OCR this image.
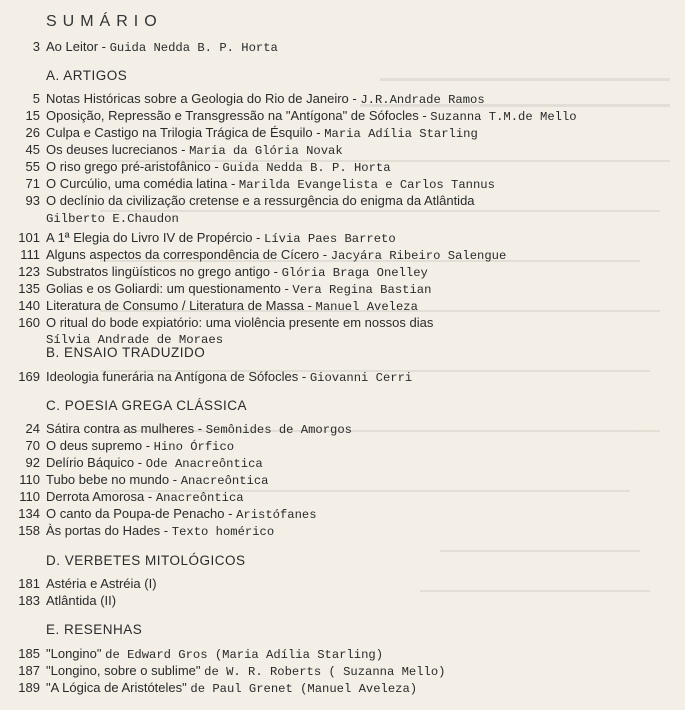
SUMÁRIO
3 Ao Leitor - Guida Nedda B. P. Horta
A. ARTIGOS
5 Notas Históricas sobre a Geologia do Rio de Janeiro - J.R.Andrade Ramos
15 Oposição, Repressão e Transgressão na "Antígona" de Sófocles - Suzanna T.M.de Mello
26 Culpa e Castigo na Trilogia Trágica de Ésquilo - Maria Adília Starling
45 Os deuses lucrecianos - Maria da Glória Novak
55 O riso grego pré-aristofânico - Guida Nedda B. P. Horta
71 O Curcúlio, uma comédia latina - Marilda Evangelista e Carlos Tannus
93 O declínio da civilização cretense e a ressurgência do enigma da Atlântida
Gilberto E.Chaudon
101 A 1ª Elegia do Livro IV de Propércio - Lívia Paes Barreto
111 Alguns aspectos da correspondência de Cícero - Jacyára Ribeiro Salengue
123 Substratos lingüísticos no grego antigo - Glória Braga Onelley
135 Golias e os Goliardi: um questionamento - Vera Regina Bastian
140 Literatura de Consumo / Literatura de Massa - Manuel Aveleza
160 O ritual do bode expiatório: uma violência presente em nossos dias
Sílvia Andrade de Moraes
B. ENSAIO TRADUZIDO
169 Ideologia funerária na Antígona de Sófocles - Giovanni Cerri
C. POESIA GREGA CLÁSSICA
24 Sátira contra as mulheres - Semônides de Amorgos
70 O deus supremo - Hino Órfico
92 Delírio Báquico - Ode Anacreôntica
110 Tubo bebe no mundo - Anacreôntica
110 Derrota Amorosa - Anacreôntica
134 O canto da Poupa-de Penacho - Aristófanes
158 Às portas do Hades - Texto homérico
D. VERBETES MITOLÓGICOS
181 Astéria e Astréia (I)
183 Atlântida (II)
E. RESENHAS
185 "Longino" de Edward Gros (Maria Adília Starling)
187 "Longino, sobre o sublime" de W. R. Roberts ( Suzanna Mello)
189 "A Lógica de Aristóteles" de Paul Grenet (Manuel Aveleza)
